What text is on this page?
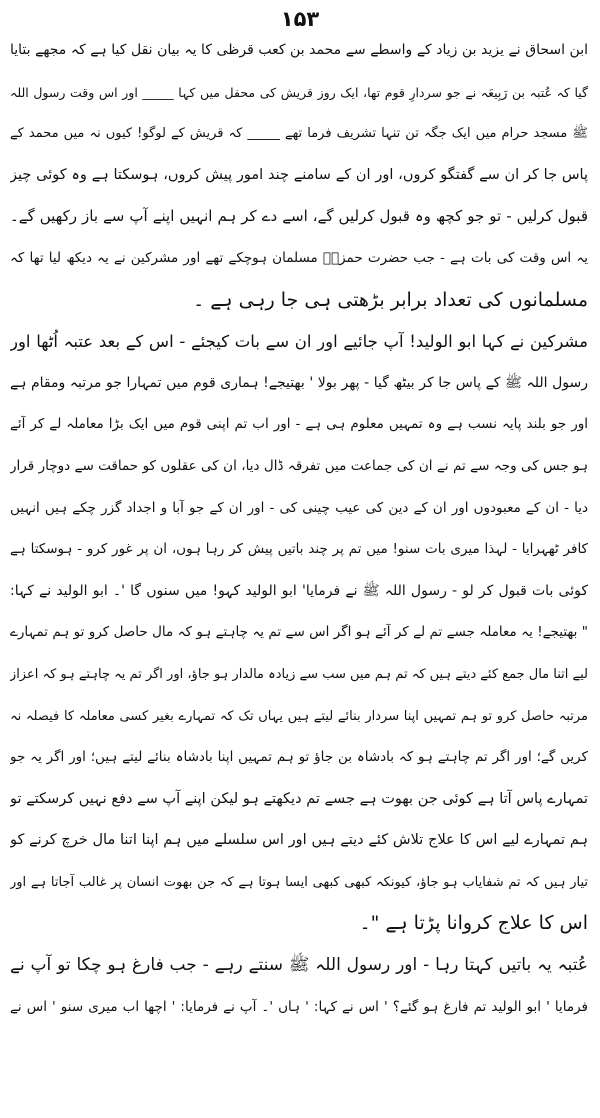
۱۵۳
ابن اسحاق نے یزید بن زیاد کے واسطے سے محمد بن کعب قرظی کا یہ بیان نقل کیا ہے کہ مجھے بتایا
گیا کہ عُتبہ بن رَبِیعَہ نے جو سردارِ قوم تھا، ایک روز قریش کی محفل میں کہا _____ اور اس وقت رسول اللہ
ﷺ مسجد حرام میں ایک جگہ تن تنہا تشریف فرما تھے _____ کہ قریش کے لوگو! کیوں نہ میں محمد کے
پاس جا کر ان سے گفتگو کروں، اور ان کے سامنے چند امور پیش کروں، ہوسکتا ہے وہ کوئی چیز
قبول کرلیں - تو جو کچھ وہ قبول کرلیں گے، اسے دے کر ہم انہیں اپنے آپ سے باز رکھیں گے۔
یہ اس وقت کی بات ہے - جب حضرت حمزہؓ مسلمان ہوچکے تھے اور مشرکین نے یہ دیکھ لیا تھا کہ
مسلمانوں کی تعداد برابر بڑھتی ہی جا رہی ہے ۔
مشرکین نے کہا ابو الولید! آپ جائیے اور ان سے بات کیجئے - اس کے بعد عتبہ اُٹھا اور
رسول اللہ ﷺ کے پاس جا کر بیٹھ گیا - پھر بولا ' بھتیجے! ہماری قوم میں تمہارا جو مرتبہ ومقام ہے
اور جو بلند پایہ نسب ہے وہ تمہیں معلوم ہی ہے - اور اب تم اپنی قوم میں ایک بڑا معاملہ لے کر آئے
ہو جس کی وجہ سے تم نے ان کی جماعت میں تفرقہ ڈال دیا، ان کی عقلوں کو حماقت سے دوچار قرار
دیا - ان کے معبودوں اور ان کے دین کی عیب چینی کی - اور ان کے جو آبا و اجداد گزر چکے ہیں انہیں
کافر ٹھہرایا - لہذا میری بات سنو! میں تم پر چند باتیں پیش کر رہا ہوں، ان پر غور کرو - ہوسکتا ہے
کوئی بات قبول کر لو - رسول اللہ ﷺ نے فرمایا' ابو الولید کہو! میں سنوں گا '۔ ابو الولید نے کہا:
" بھتیجے! یہ معاملہ جسے تم لے کر آئے ہو اگر اس سے تم یہ چاہتے ہو کہ مال حاصل کرو تو ہم تمہارے
لیے اتنا مال جمع کئے دیتے ہیں کہ تم ہم میں سب سے زیادہ مالدار ہو جاؤ، اور اگر تم یہ چاہتے ہو کہ اعزاز
مرتبہ حاصل کرو تو ہم تمہیں اپنا سردار بنائے لیتے ہیں یہاں تک کہ تمہارے بغیر کسی معاملہ کا فیصلہ نہ
کریں گے؛ اور اگر تم چاہتے ہو کہ بادشاہ بن جاؤ تو ہم تمہیں اپنا بادشاہ بنائے لیتے ہیں؛ اور اگر یہ جو
تمہارے پاس آتا ہے کوئی جن بھوت ہے جسے تم دیکھتے ہو لیکن اپنے آپ سے دفع نہیں کرسکتے تو
ہم تمہارے لیے اس کا علاج تلاش کئے دیتے ہیں اور اس سلسلے میں ہم اپنا اتنا مال خرچ کرنے کو
تیار ہیں کہ تم شفایاب ہو جاؤ، کیونکہ کبھی کبھی ایسا ہوتا ہے کہ جن بھوت انسان پر غالب آجاتا ہے اور
اس کا علاج کروانا پڑتا ہے "۔
عُتبہ یہ باتیں کہتا رہا - اور رسول اللہ ﷺ سنتے رہے - جب فارغ ہو چکا تو آپ نے
فرمایا ' ابو الولید تم فارغ ہو گئے؟ ' اس نے کہا: ' ہاں '۔ آپ نے فرمایا: ' اچھا اب میری سنو ' اس نے
